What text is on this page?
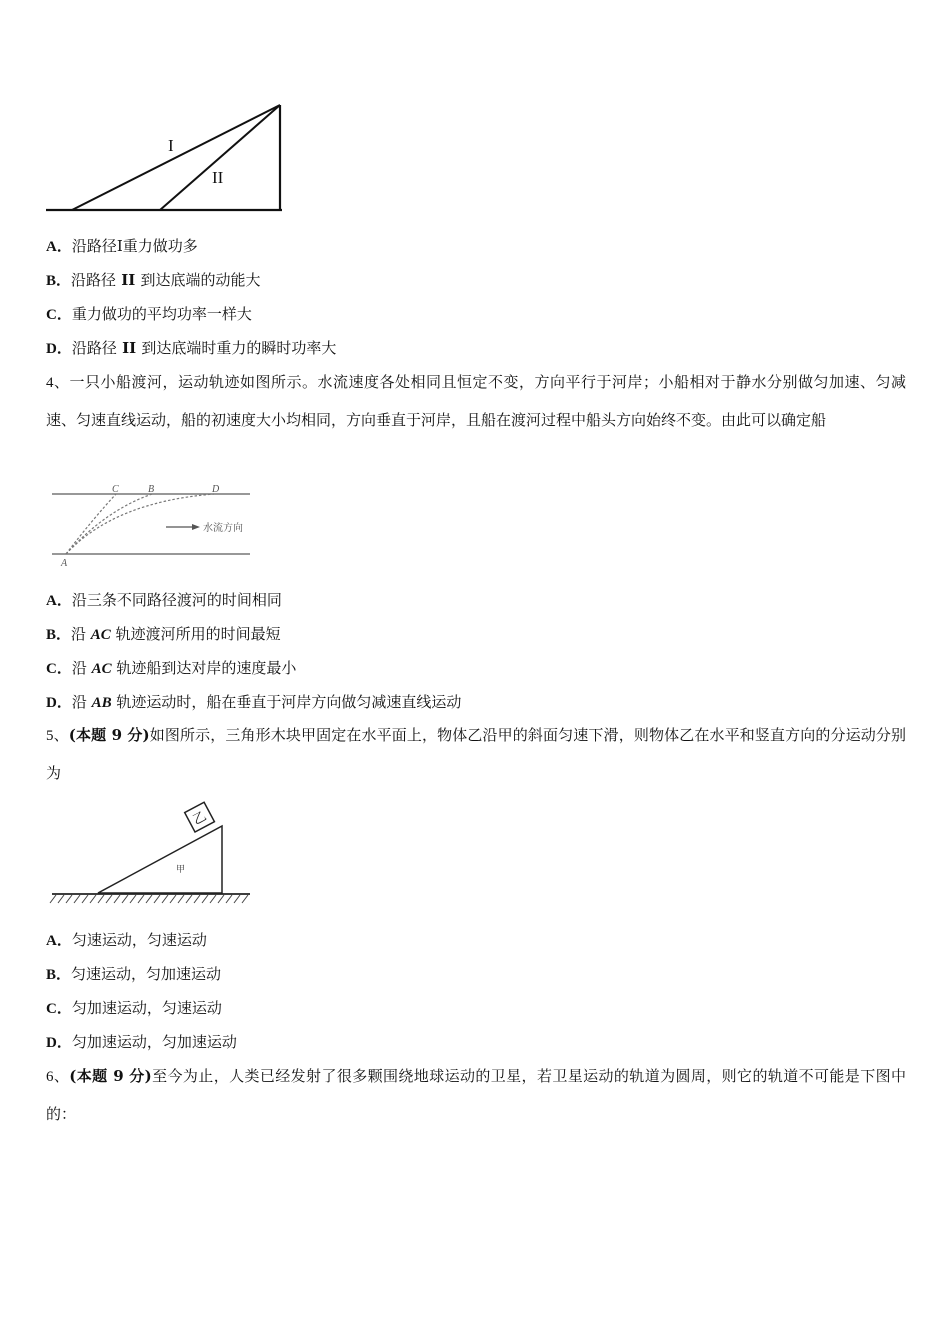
I
II
A．沿路径Ⅰ重力做功多
B．沿路径 II 到达底端的动能大
C．重力做功的平均功率一样大
D．沿路径 II 到达底端时重力的瞬时功率大
4、一只小船渡河，运动轨迹如图所示。水流速度各处相同且恒定不变，方向平行于河岸；小船相对于静水分别做匀加速、匀减速、匀速直线运动，船的初速度大小均相同，方向垂直于河岸，且船在渡河过程中船头方向始终不变。由此可以确定船
C	B	D
A
水流方向
A．沿三条不同路径渡河的时间相同
B．沿 AC 轨迹渡河所用的时间最短
C．沿 AC 轨迹船到达对岸的速度最小
D．沿 AB 轨迹运动时，船在垂直于河岸方向做匀减速直线运动
5、(本题 9 分)如图所示，三角形木块甲固定在水平面上，物体乙沿甲的斜面匀速下滑，则物体乙在水平和竖直方向的分运动分别为
乙
甲
A．匀速运动，匀速运动
B．匀速运动，匀加速运动
C．匀加速运动，匀速运动
D．匀加速运动，匀加速运动
6、(本题 9 分)至今为止，人类已经发射了很多颗围绕地球运动的卫星，若卫星运动的轨道为圆周，则它的轨道不可能是下图中的：
